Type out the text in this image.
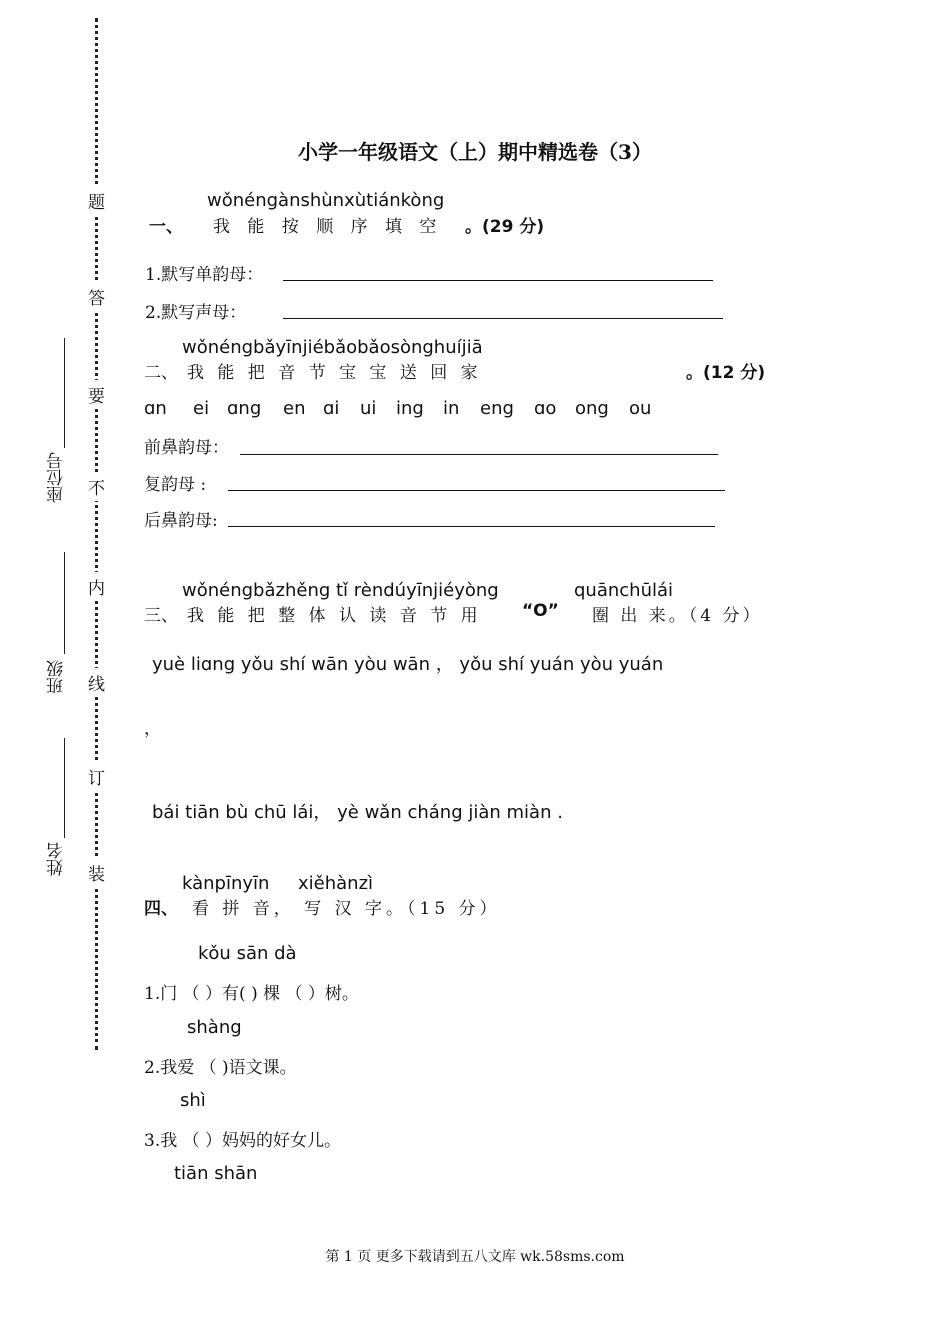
装
订
线
内
不
要
答
题
姓名
班级
座位号
小学一年级语文（上）期中精选卷（3）
wǒnéngànshùnxùtiánkòng
一、 我 能 按 顺 序 填 空 。(29 分)
1.默写单韵母：
2.默写声母：
wǒnéngbǎyīnjiébǎobǎosònghuíjiā
二、 我 能 把 音 节 宝 宝 送 回 家	。(12 分)
ɑn ei ɑng en ɑi ui ing in eng ɑo ong ou
前鼻韵母：
复韵母 :
后鼻韵母:
wǒnéngbǎzhěng tǐ rèndúyīnjiéyòng	quānchūlái
三、 我 能 把 整 体 认 读 音 节 用 “O” 圈 出 来。（4 分）
yuè liɑng yǒu shí wān yòu wān ， yǒu shí yuán yòu yuán
，
bái tiān bù chū lái， yè wǎn cháng jiàn miàn .
kànpīnyīn xiěhànzì
四、 看 拼 音， 写 汉 字。（15 分）
kǒu sān dà
1.门 （ ）有( ) 棵 （ ）树。
shàng
2.我爱 （ )语文课。
shì
3.我 （ ）妈妈的好女儿。
tiān shān
第 1 页 更多下载请到五八文库 wk.58sms.com
